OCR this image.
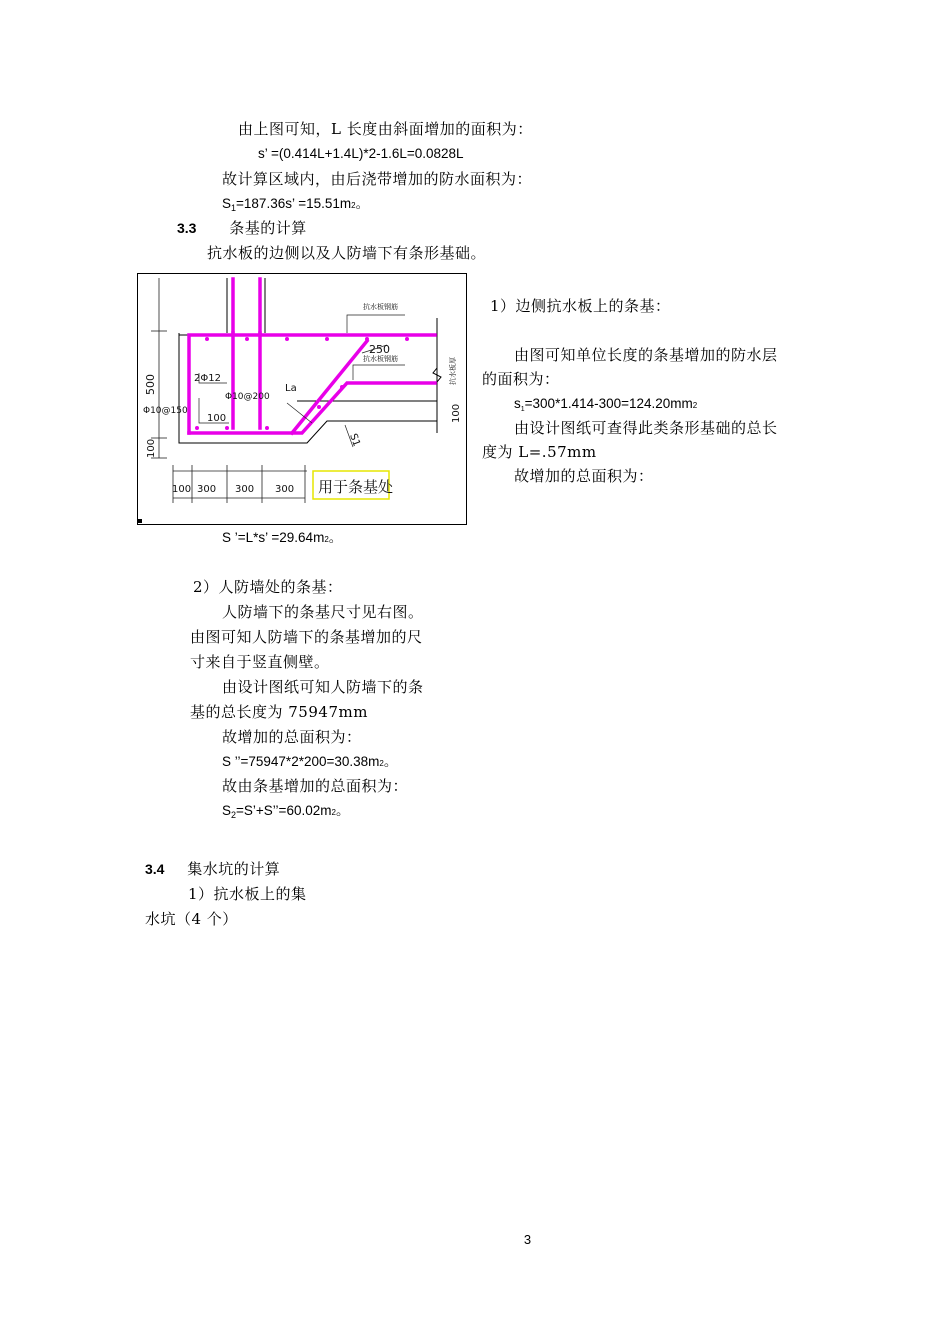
由上图可知，L 长度由斜面增加的面积为：
s’ =(0.414L+1.4L)*2-1.6L=0.0828L
故计算区域内，由后浇带增加的防水面积为：
$S_1=187.36s$’ =15.51m2。
3.3 条基的计算
抗水板的边侧以及人防墙下有条形基础。
1）边侧抗水板上的条基：
由图可知单位长度的条基增加的防水层
的面积为：
$s_1=300*1.414-300=124.20mm2$
由设计图纸可查得此类条形基础的总长
度为 L=.57mm
故增加的总面积为：
抗水板钢筋
抗水板钢筋	抗水板厚
250
2Φ12
Φ10@200
Φ10@150
100
La
500
100
100
S1
100 300 300 300 用于条基处
S ’=L*s’ =29.64m2。
2）人防墙处的条基：
人防墙下的条基尺寸见右图。
由图可知人防墙下的条基增加的尺
寸来自于竖直侧壁。
由设计图纸可知人防墙下的条
基的总长度为 75947mm
故增加的总面积为：
S ’’=75947*2*200=30.38m2。
故由条基增加的总面积为：
$S_2=S’+S’’=60.02m2$。
3.4 集水坑的计算
1）抗水板上的集
水坑（4 个）
3
